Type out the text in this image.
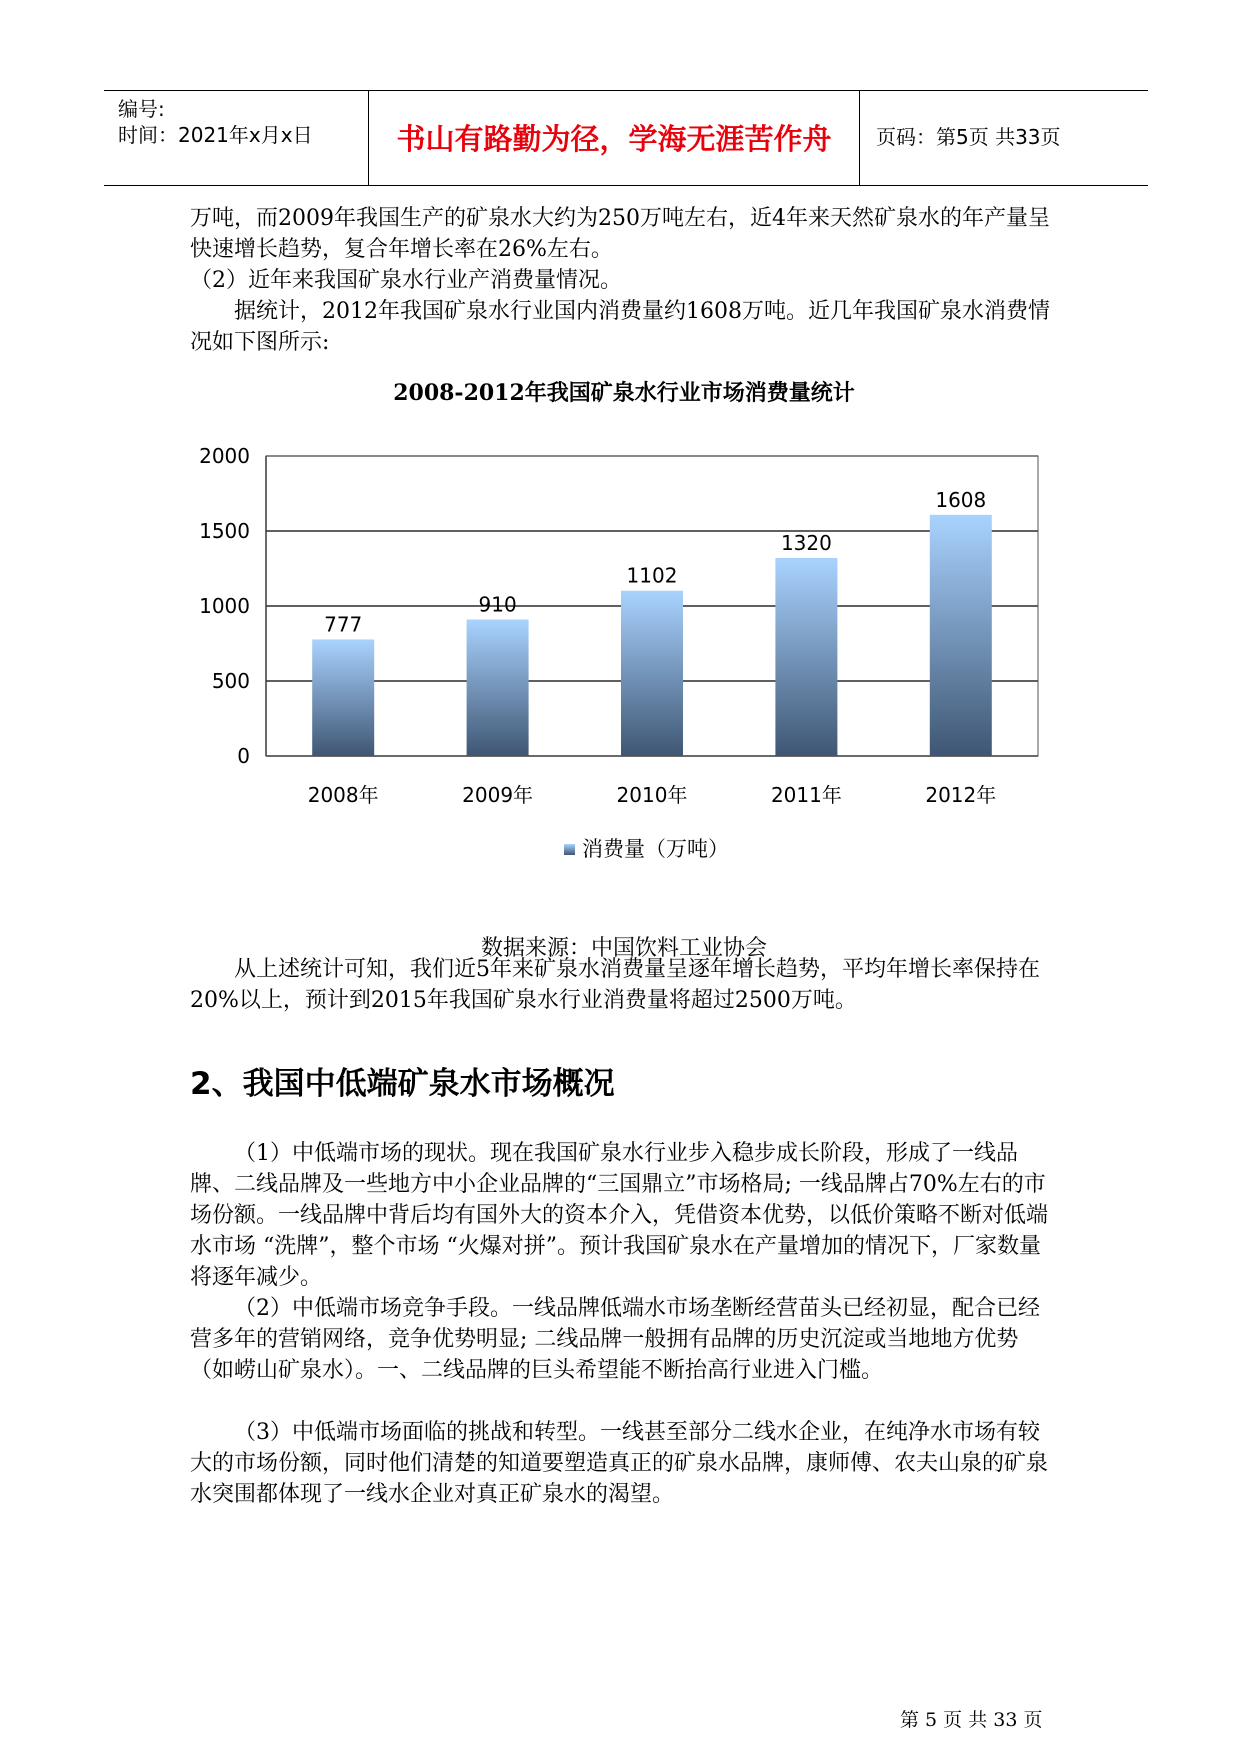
编号:
时间：2021年x月x日	书山有路勤为径，学海无涯苦作舟	页码：第5页 共33页

万吨，而2009年我国生产的矿泉水大约为250万吨左右，近4年来天然矿泉水的年产量呈快速增长趋势，复合年增长率在26%左右。

（2）近年来我国矿泉水行业产消费量情况。

据统计，2012年我国矿泉水行业国内消费量约1608万吨。近几年我国矿泉水消费情况如下图所示:

2008-2012年我国矿泉水行业市场消费量统计
0
500
1000
1500
2000
777
2008年
910
2009年
1102
2010年
1320
2011年
1608
2012年
消费量（万吨）
数据来源：中国饮料工业协会

从上述统计可知，我们近5年来矿泉水消费量呈逐年增长趋势，平均年增长率保持在20%以上，预计到2015年我国矿泉水行业消费量将超过2500万吨。

2、我国中低端矿泉水市场概况

（1）中低端市场的现状。现在我国矿泉水行业步入稳步成长阶段，形成了一线品牌、二线品牌及一些地方中小企业品牌的“三国鼎立”市场格局; 一线品牌占70%左右的市场份额。一线品牌中背后均有国外大的资本介入，凭借资本优势，以低价策略不断对低端水市场 “洗牌”，整个市场 “火爆对拼”。预计我国矿泉水在产量增加的情况下，厂家数量将逐年减少。

（2）中低端市场竞争手段。一线品牌低端水市场垄断经营苗头已经初显，配合已经营多年的营销网络，竞争优势明显; 二线品牌一般拥有品牌的历史沉淀或当地地方优势（如崂山矿泉水）。一、二线品牌的巨头希望能不断抬高行业进入门槛。

（3）中低端市场面临的挑战和转型。一线甚至部分二线水企业，在纯净水市场有较大的市场份额，同时他们清楚的知道要塑造真正的矿泉水品牌，康师傅、农夫山泉的矿泉水突围都体现了一线水企业对真正矿泉水的渴望。

第 5 页 共 33 页
